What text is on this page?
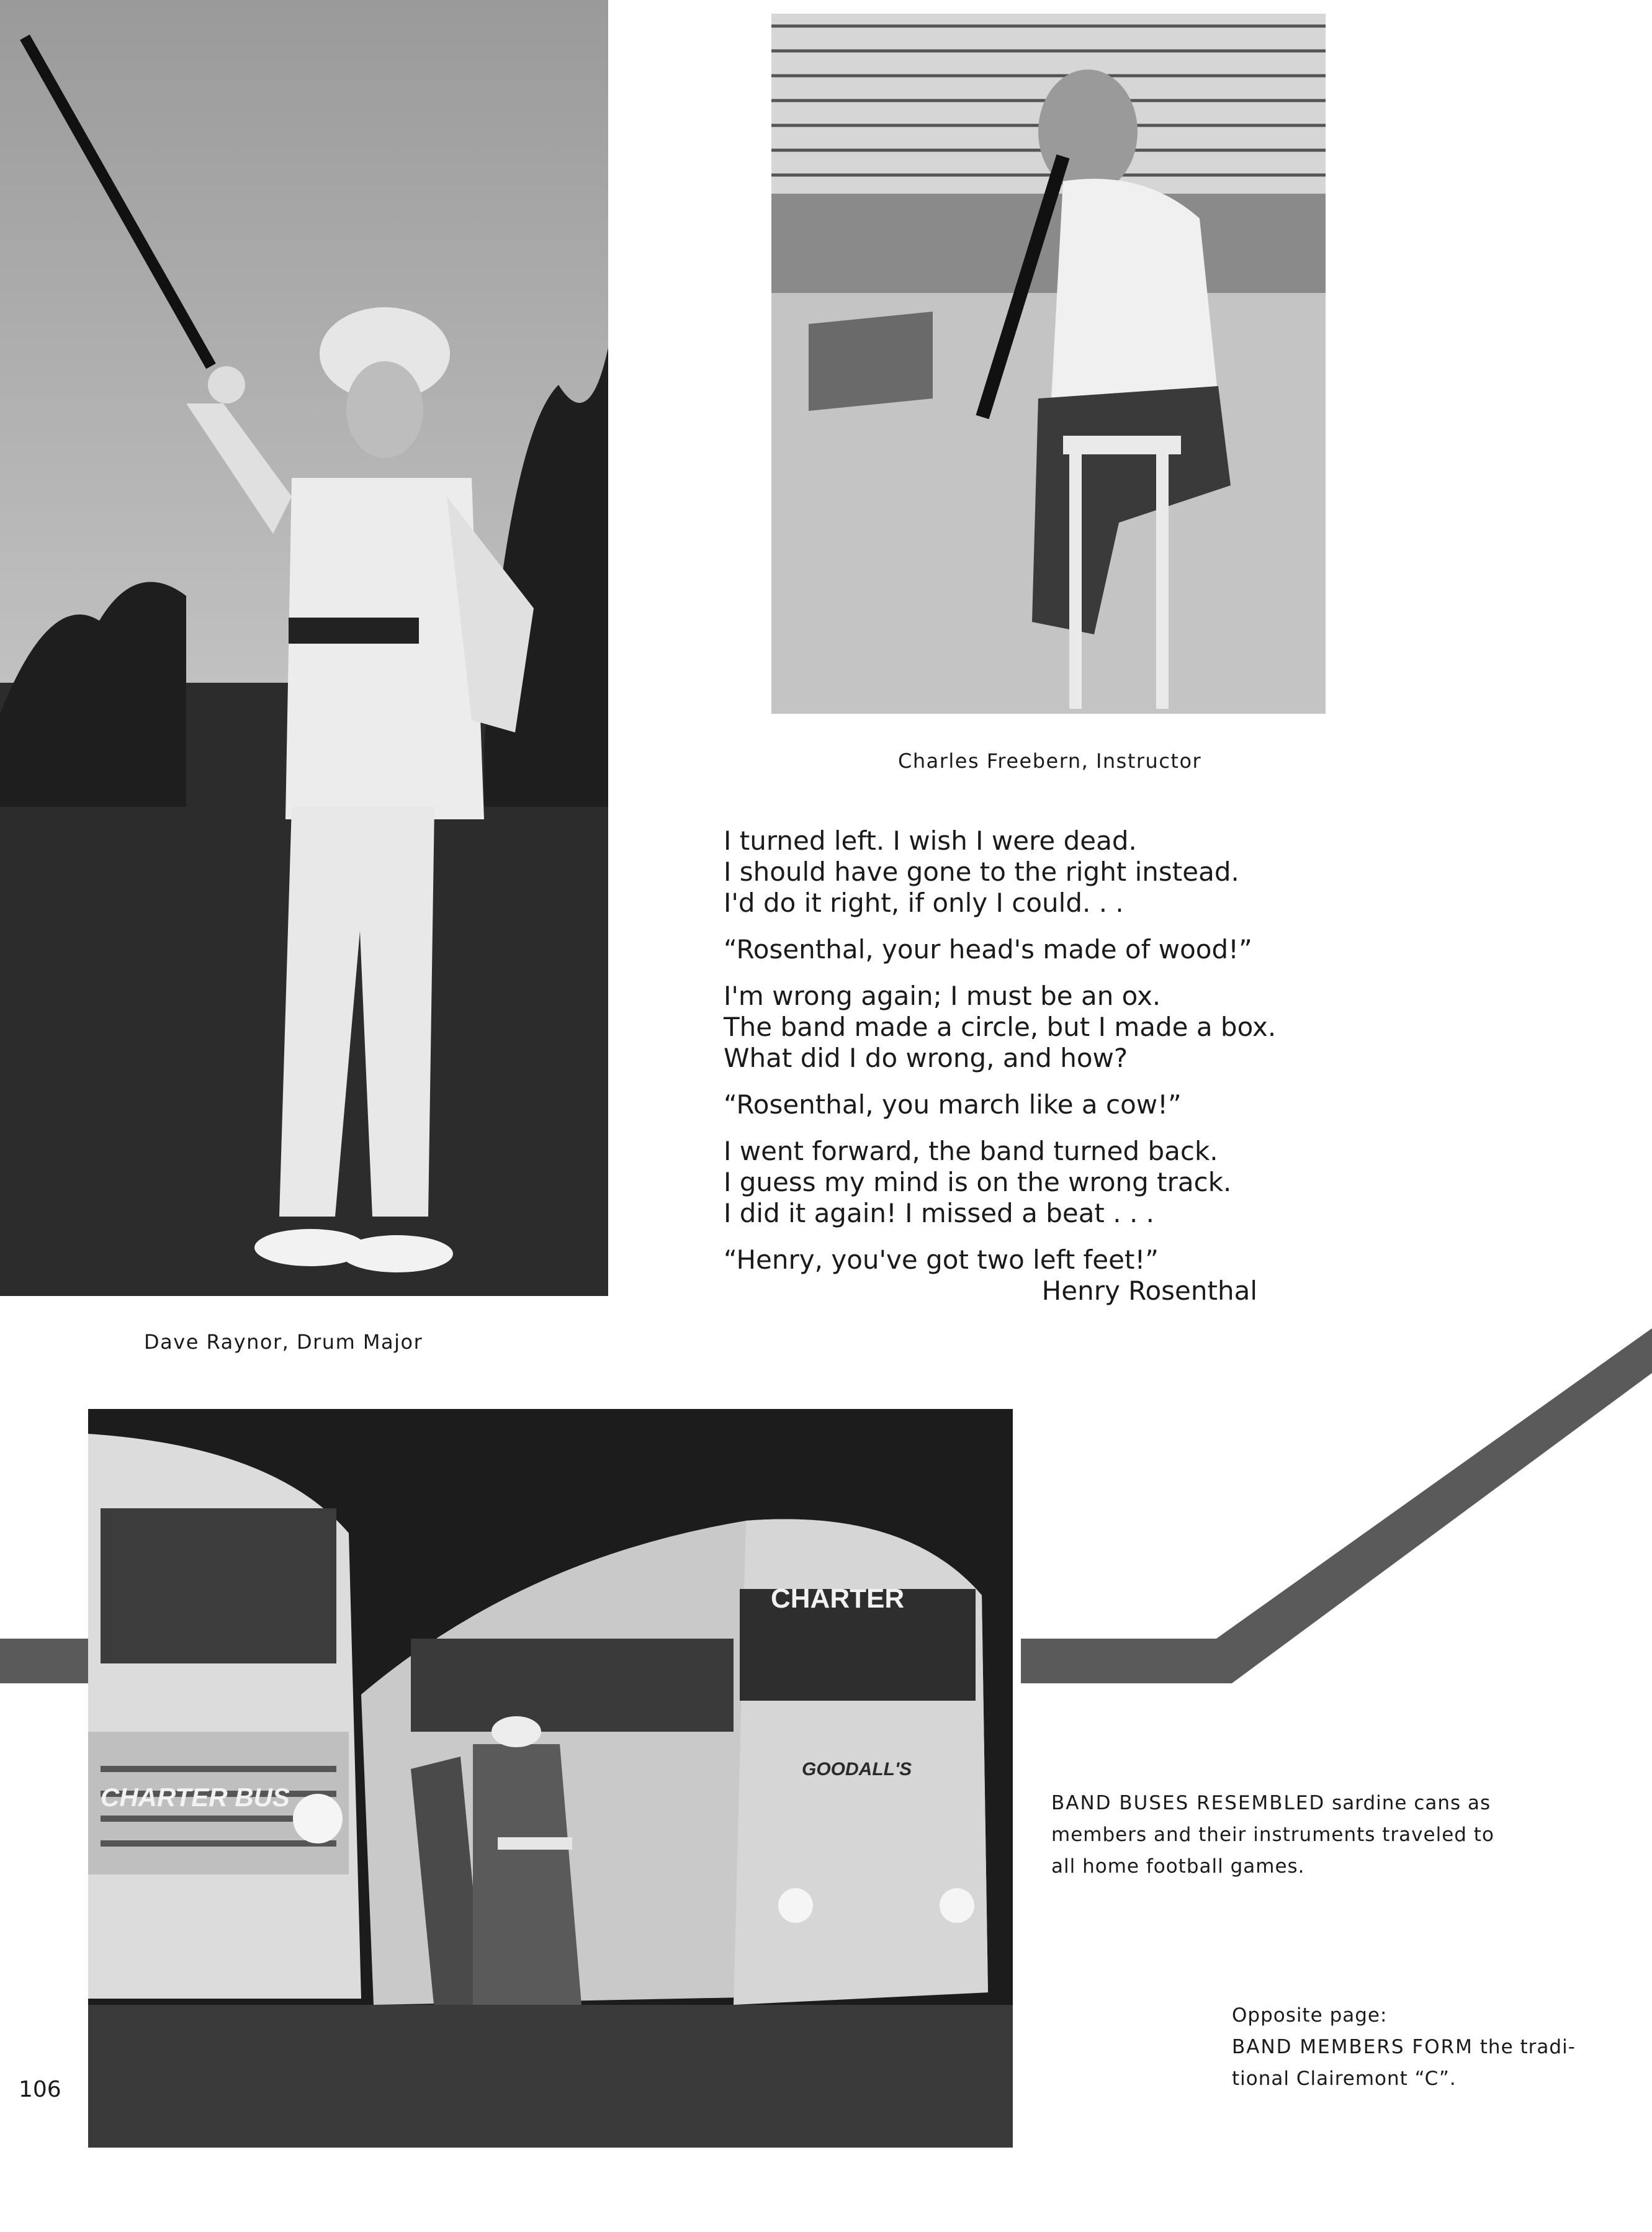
Dave Raynor, Drum Major
Charles Freebern, Instructor

I turned left. I wish I were dead.

I should have gone to the right instead.

I'd do it right, if only I could. . .

“Rosenthal, your head's made of wood!”

I'm wrong again; I must be an ox.

The band made a circle, but I made a box.

What did I do wrong, and how?

“Rosenthal, you march like a cow!”

I went forward, the band turned back.

I guess my mind is on the wrong track.

I did it again! I missed a beat . . .

“Henry, you've got two left feet!”

Henry Rosenthal

CHARTER BUS
CHARTER
GOODALL'S
BAND BUSES RESEMBLED sardine cans as
members and their instruments traveled to
all home football games.
Opposite page:
BAND MEMBERS FORM the tradi-
tional Clairemont “C”.
106
